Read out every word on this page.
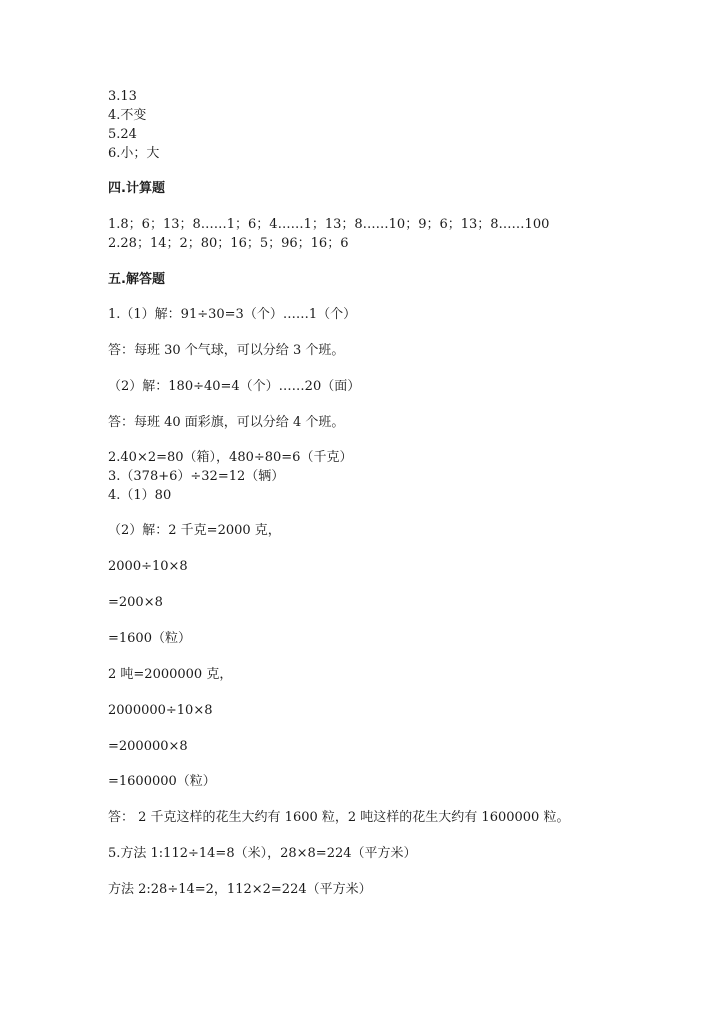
3.13
4.不变
5.24
6.小；大
四.计算题
1.8；6；13；8……1；6；4……1；13；8……10；9；6；13；8……100
2.28；14；2；80；16；5；96；16；6
五.解答题
1.（1）解：91÷30=3（个）……1（个）
答：每班 30 个气球，可以分给 3 个班。
（2）解：180÷40=4（个）……20（面）
答：每班 40 面彩旗，可以分给 4 个班。
2.40×2=80（箱），480÷80=6（千克）
3.（378+6）÷32=12（辆）
4.（1）80
（2）解：2 千克=2000 克，
2000÷10×8
=200×8
=1600（粒）
2 吨=2000000 克，
2000000÷10×8
=200000×8
=1600000（粒）
答： 2 千克这样的花生大约有 1600 粒，2 吨这样的花生大约有 1600000 粒。
5.方法 1:112÷14=8（米），28×8=224（平方米）
方法 2:28÷14=2，112×2=224（平方米）
